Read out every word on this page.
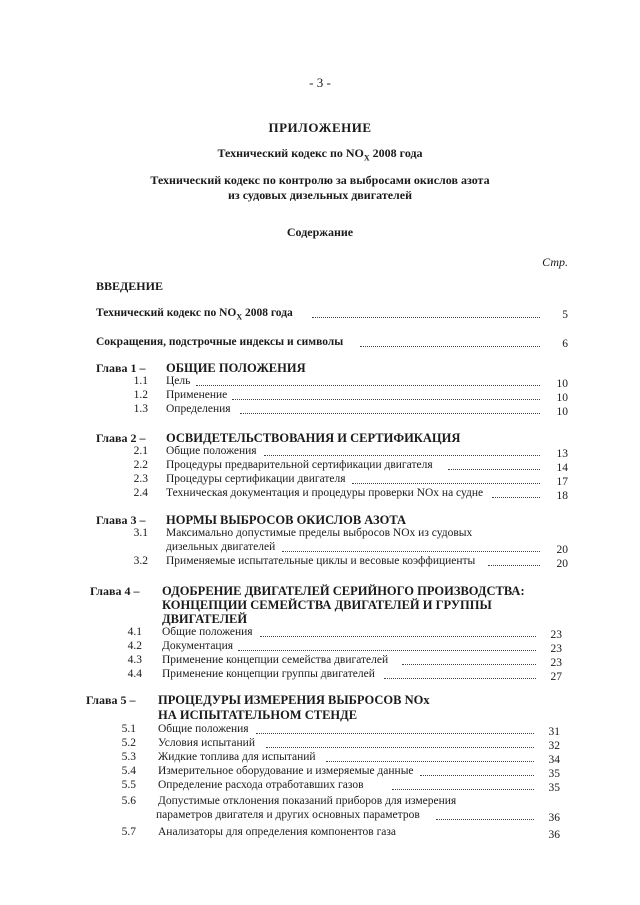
- 3 -
ПРИЛОЖЕНИЕ
Технический кодекс по $NO_X$ 2008 года
Технический кодекс по контролю за выбросами окислов азота
из судовых дизельных двигателей
Содержание
Стр.
ВВЕДЕНИЕ
Технический кодекс по $NO_X$ 2008 года	5
Сокращения, подстрочные индексы и символы	6
Глава 1 – ОБЩИЕ ПОЛОЖЕНИЯ
1.1 Цель	10
1.2 Применение	10
1.3 Определения	10
Глава 2 – ОСВИДЕТЕЛЬСТВОВАНИЯ И СЕРТИФИКАЦИЯ
2.1 Общие положения	13
2.2 Процедуры предварительной сертификации двигателя	14
2.3 Процедуры сертификации двигателя	17
2.4 Техническая документация и процедуры проверки NOx на судне	18
Глава 3 – НОРМЫ ВЫБРОСОВ ОКИСЛОВ АЗОТА
3.1 Максимально допустимые пределы выбросов NOx из судовых
дизельных двигателей	20
3.2 Применяемые испытательные циклы и весовые коэффициенты	20
Глава 4 – ОДОБРЕНИЕ ДВИГАТЕЛЕЙ СЕРИЙНОГО ПРОИЗВОДСТВА:
КОНЦЕПЦИИ СЕМЕЙСТВА ДВИГАТЕЛЕЙ И ГРУППЫ
ДВИГАТЕЛЕЙ
4.1 Общие положения	23
4.2 Документация	23
4.3 Применение концепции семейства двигателей	23
4.4 Применение концепции группы двигателей	27
Глава 5 – ПРОЦЕДУРЫ ИЗМЕРЕНИЯ ВЫБРОСОВ NOx
НА ИСПЫТАТЕЛЬНОМ СТЕНДЕ
5.1 Общие положения	31
5.2 Условия испытаний	32
5.3 Жидкие топлива для испытаний	34
5.4 Измерительное оборудование и измеряемые данные	35
5.5 Определение расхода отработавших газов	35
5.6 Допустимые отклонения показаний приборов для измерения
параметров двигателя и других основных параметров	36
5.7 Анализаторы для определения компонентов газа	36
